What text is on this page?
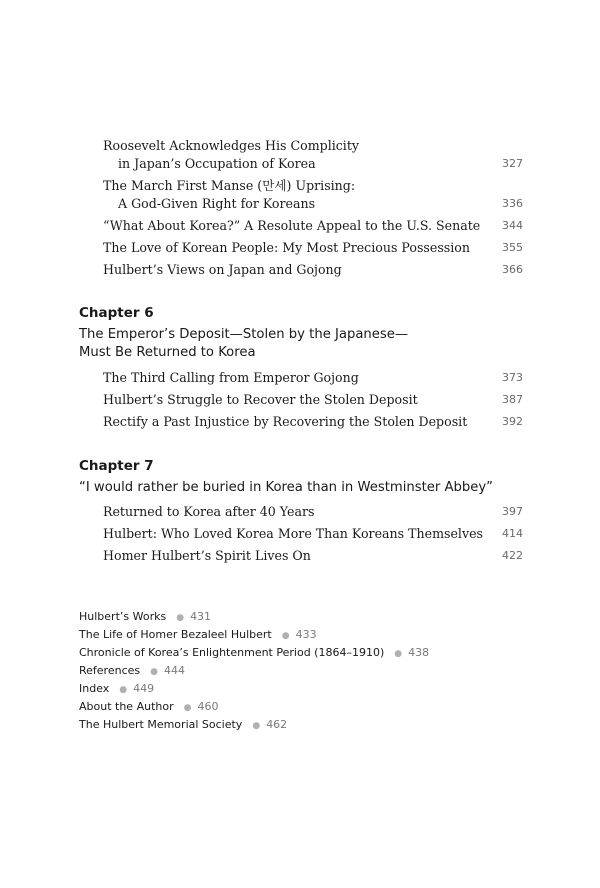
Roosevelt Acknowledges His Complicity
in Japan’s Occupation of Korea	327
The March First Manse (만세) Uprising:
A God-Given Right for Koreans	336
“What About Korea?” A Resolute Appeal to the U.S. Senate	344
The Love of Korean People: My Most Precious Possession	355
Hulbert’s Views on Japan and Gojong	366
Chapter 6
The Emperor’s Deposit—Stolen by the Japanese—
Must Be Returned to Korea
The Third Calling from Emperor Gojong	373
Hulbert’s Struggle to Recover the Stolen Deposit	387
Rectify a Past Injustice by Recovering the Stolen Deposit	392
Chapter 7
“I would rather be buried in Korea than in Westminster Abbey”
Returned to Korea after 40 Years	397
Hulbert: Who Loved Korea More Than Koreans Themselves	414
Homer Hulbert’s Spirit Lives On	422
Hulbert’s Works ● 431
The Life of Homer Bezaleel Hulbert ● 433
Chronicle of Korea’s Enlightenment Period (1864–1910) ● 438
References ● 444
Index ● 449
About the Author ● 460
The Hulbert Memorial Society ● 462
